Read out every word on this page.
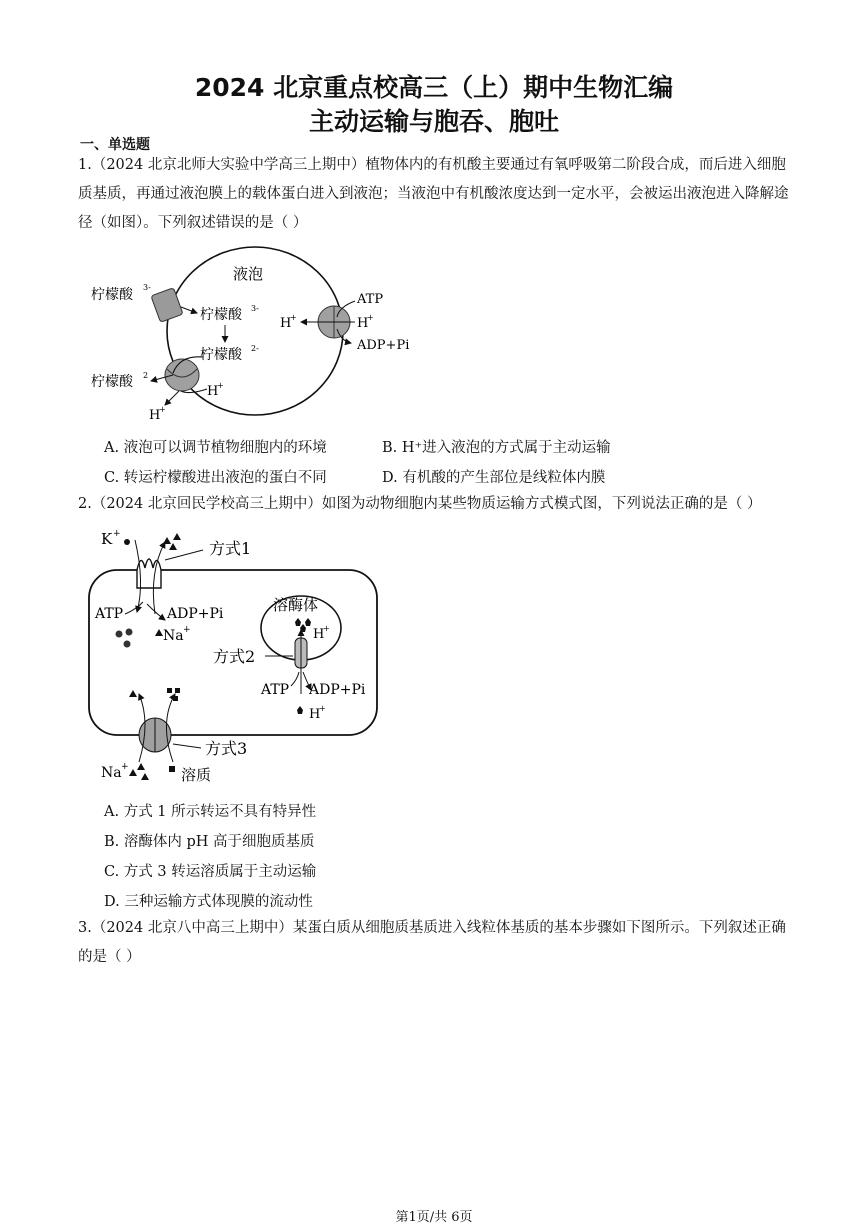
2024 北京重点校高三（上）期中生物汇编
主动运输与胞吞、胞吐
一、单选题
1.（2024 北京北师大实验中学高三上期中）植物体内的有机酸主要通过有氧呼吸第二阶段合成，而后进入细胞质基质，再通过液泡膜上的载体蛋白进入到液泡；当液泡中有机酸浓度达到一定水平，会被运出液泡进入降解途径（如图）。下列叙述错误的是（ ）
液泡
柠檬酸 3-
柠檬酸 3-
柠檬酸 2-
柠檬酸 2
H
+
H
+
ATP
H
+	H
+
ADP+Pi
A. 液泡可以调节植物细胞内的环境	B. H⁺进入液泡的方式属于主动运输
C. 转运柠檬酸进出液泡的蛋白不同	D. 有机酸的产生部位是线粒体内膜
2.（2024 北京回民学校高三上期中）如图为动物细胞内某些物质运输方式模式图，下列说法正确的是（ ）
K +
方式1
ATP	ADP+Pi
Na +
溶酶体
H
+
方式2
ATP ADP+Pi
H
+
方式3
Na +	溶质
A. 方式 1 所示转运不具有特异性
B. 溶酶体内 pH 高于细胞质基质
C. 方式 3 转运溶质属于主动运输
D. 三种运输方式体现膜的流动性
3.（2024 北京八中高三上期中）某蛋白质从细胞质基质进入线粒体基质的基本步骤如下图所示。下列叙述正确的是（ ）
第1页/共 6页
